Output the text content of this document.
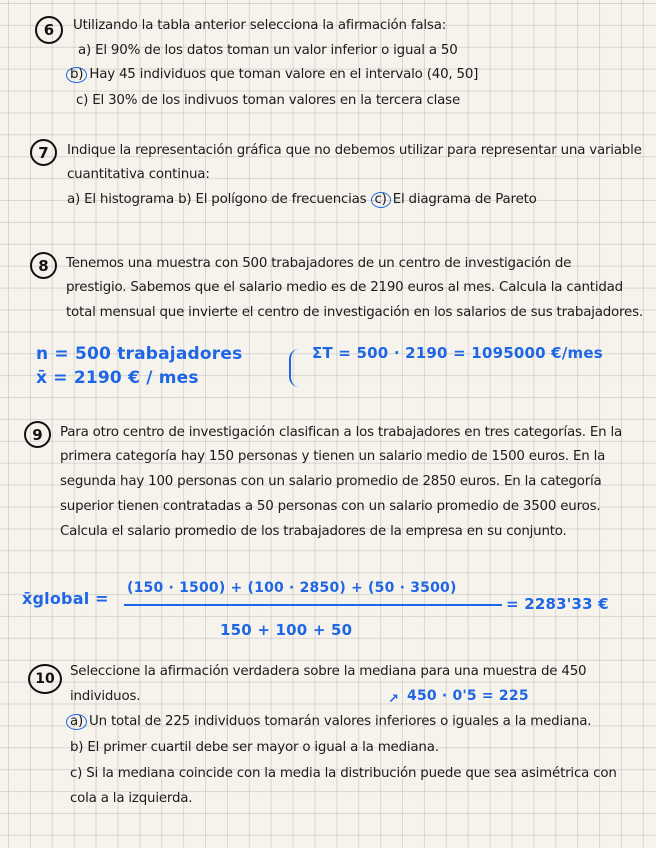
6	Utilizando la tabla anterior selecciona la afirmación falsa:
a) El 90% de los datos toman un valor inferior o igual a 50
b) Hay 45 individuos que toman valore en el intervalo (40, 50]
c) El 30% de los indivuos toman valores en la tercera clase
7	Indique la representación gráfica que no debemos utilizar para representar una variable
cuantitativa continua:
a) El histograma b) El polígono de frecuencias c) El diagrama de Pareto
8	Tenemos una muestra con 500 trabajadores de un centro de investigación de
prestigio. Sabemos que el salario medio es de 2190 euros al mes. Calcula la cantidad
total mensual que invierte el centro de investigación en los salarios de sus trabajadores.
n = 500 trabajadores
x̄ = 2190 € / mes
ΣT = 500 · 2190 = 1095000 €/mes
9	Para otro centro de investigación clasifican a los trabajadores en tres categorías. En la
primera categoría hay 150 personas y tienen un salario medio de 1500 euros. En la
segunda hay 100 personas con un salario promedio de 2850 euros. En la categoría
superior tienen contratadas a 50 personas con un salario promedio de 3500 euros.
Calcula el salario promedio de los trabajadores de la empresa en su conjunto.
x̄global =
(150 · 1500) + (100 · 2850) + (50 · 3500)
150 + 100 + 50
= 2283'33 €
10	Seleccione la afirmación verdadera sobre la mediana para una muestra de 450
individuos.	↗ 450 · 0'5 = 225
a) Un total de 225 individuos tomarán valores inferiores o iguales a la mediana.
b) El primer cuartil debe ser mayor o igual a la mediana.
c) Si la mediana coincide con la media la distribución puede que sea asimétrica con
cola a la izquierda.
